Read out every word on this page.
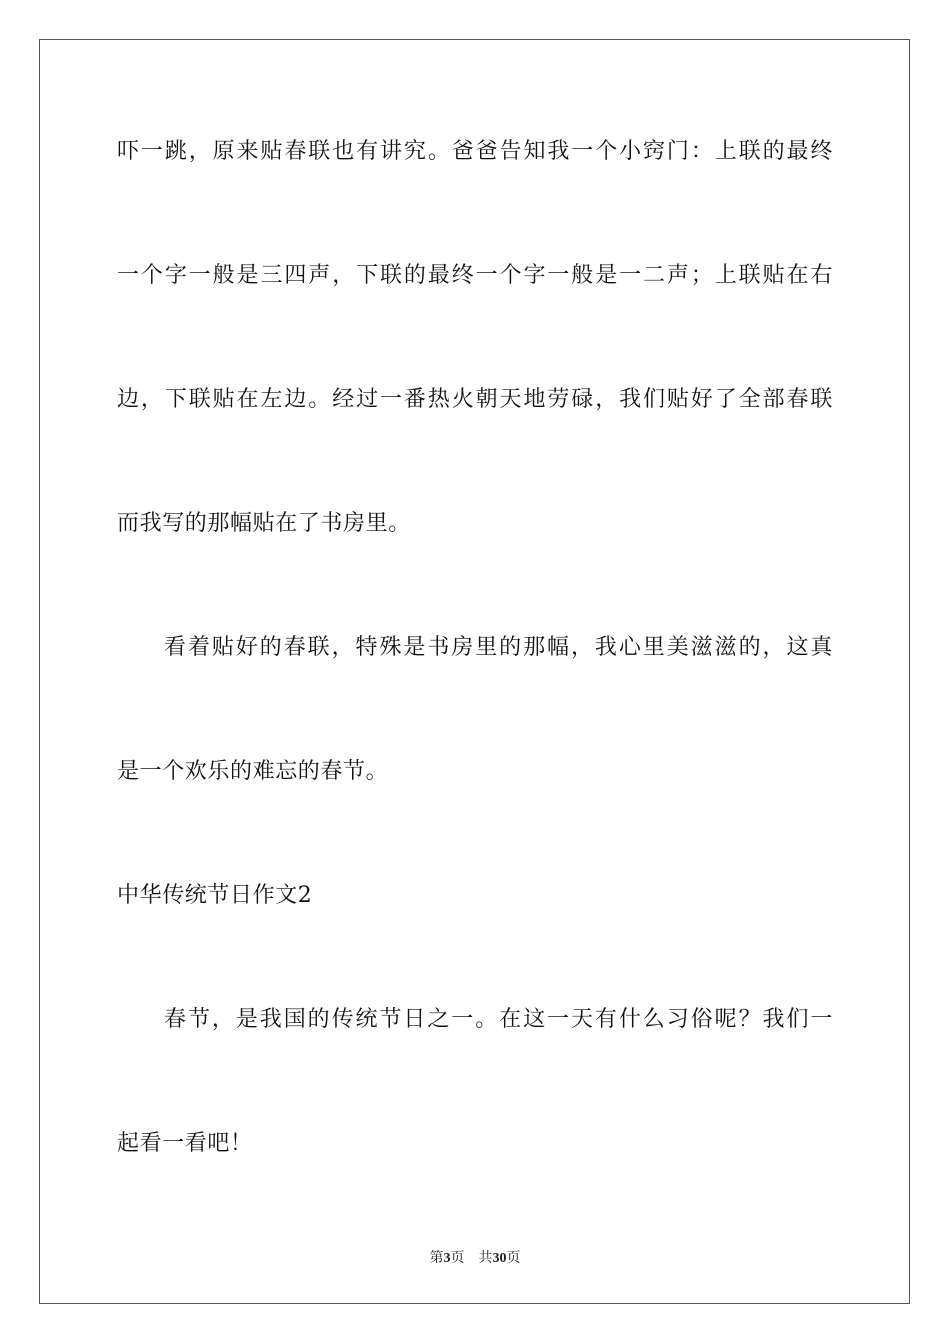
吓一跳，原来贴春联也有讲究。爸爸告知我一个小窍门：上联的最终
一个字一般是三四声，下联的最终一个字一般是一二声；上联贴在右
边，下联贴在左边。经过一番热火朝天地劳碌，我们贴好了全部春联
而我写的那幅贴在了书房里。
看着贴好的春联，特殊是书房里的那幅，我心里美滋滋的，这真
是一个欢乐的难忘的春节。
中华传统节日作文2
春节，是我国的传统节日之一。在这一天有什么习俗呢？我们一
起看一看吧！
第3页 共30页
